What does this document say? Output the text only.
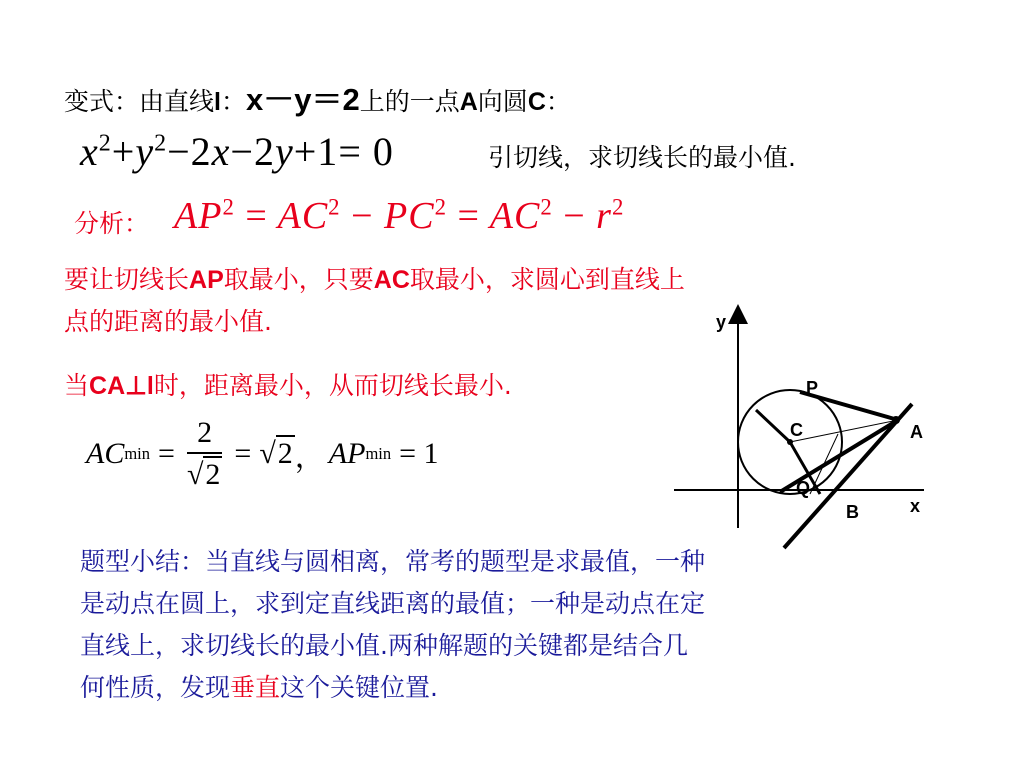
变式：由直线l：x－y＝2上的一点A向圆C：
$x^2+y^2-2x-2y+1= 0$	引切线，求切线长的最小值.
分析： $AP^2 = AC^2 - PC^2 = AC^2 - r^2$
要让切线长AP取最小，只要AC取最小，求圆心到直线上
点的距离的最小值.
当CA⊥l时，距离最小，从而切线长最小.
AC $\min = \frac{2}{√2} = √2$ ， AP min = 1
y
x
P
C	A
Q
B
题型小结：当直线与圆相离，常考的题型是求最值，一种
是动点在圆上，求到定直线距离的最值；一种是动点在定
直线上，求切线长的最小值.两种解题的关键都是结合几
何性质，发现垂直这个关键位置.
